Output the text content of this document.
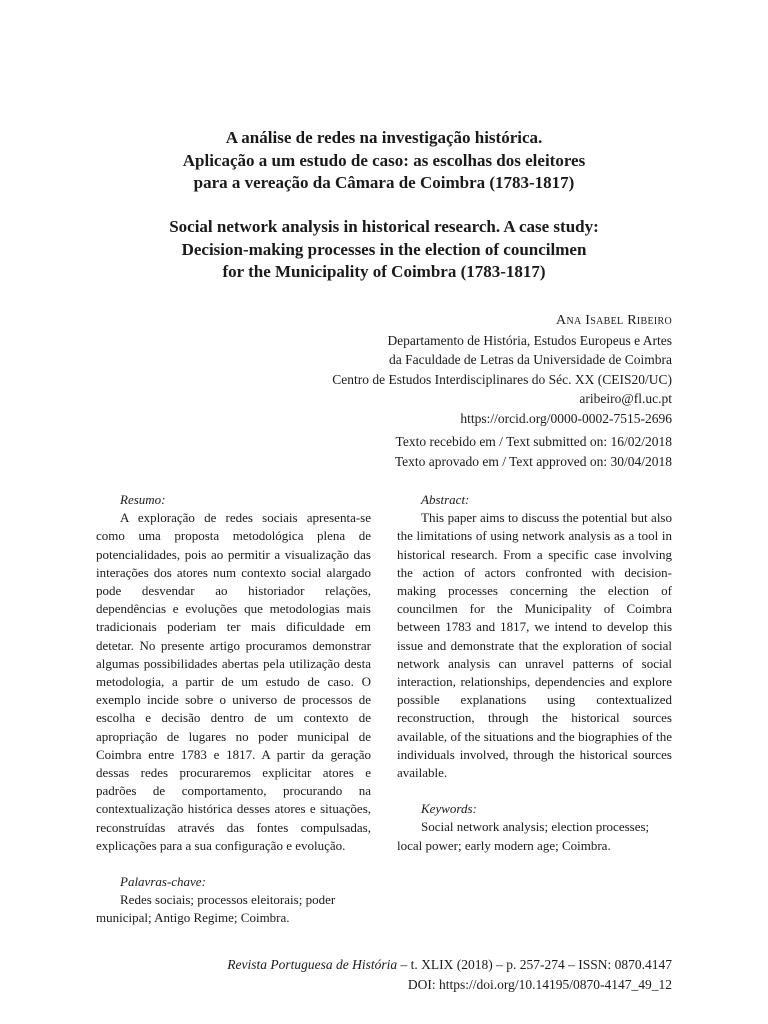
A análise de redes na investigação histórica.
Aplicação a um estudo de caso: as escolhas dos eleitores
para a vereação da Câmara de Coimbra (1783-1817)
Social network analysis in historical research. A case study:
Decision-making processes in the election of councilmen
for the Municipality of Coimbra (1783-1817)
Ana Isabel Ribeiro
Departamento de História, Estudos Europeus e Artes
da Faculdade de Letras da Universidade de Coimbra
Centro de Estudos Interdisciplinares do Séc. XX (CEIS20/UC)
aribeiro@fl.uc.pt
https://orcid.org/0000-0002-7515-2696
Texto recebido em / Text submitted on: 16/02/2018
Texto aprovado em / Text approved on: 30/04/2018
Resumo:

A exploração de redes sociais apresenta-se como uma proposta metodológica plena de potencialidades, pois ao permitir a visualização das interações dos atores num contexto social alargado pode desvendar ao historiador relações, dependências e evoluções que metodologias mais tradicionais poderiam ter mais dificuldade em detetar. No presente artigo procuramos demonstrar algumas possibilidades abertas pela utilização desta metodologia, a partir de um estudo de caso. O exemplo incide sobre o universo de processos de escolha e decisão dentro de um contexto de apropriação de lugares no poder municipal de Coimbra entre 1783 e 1817. A partir da geração dessas redes procuraremos explicitar atores e padrões de comportamento, procurando na contextualização histórica desses atores e situações, reconstruídas através das fontes compulsadas, explicações para a sua configuração e evolução.

Palavras-chave:

Redes sociais; processos eleitorais; poder municipal; Antigo Regime; Coimbra.

Abstract:

This paper aims to discuss the potential but also the limitations of using network analysis as a tool in historical research. From a specific case involving the action of actors confronted with decision-making processes concerning the election of councilmen for the Municipality of Coimbra between 1783 and 1817, we intend to develop this issue and demonstrate that the exploration of social network analysis can unravel patterns of social interaction, relationships, dependencies and explore possible explanations using contextualized reconstruction, through the historical sources available, of the situations and the biographies of the individuals involved, through the historical sources available.

Keywords:

Social network analysis; election processes; local power; early modern age; Coimbra.

Revista Portuguesa de História – t. XLIX (2018) – p. 257-274 – ISSN: 0870.4147
DOI: https://doi.org/10.14195/0870-4147_49_12
